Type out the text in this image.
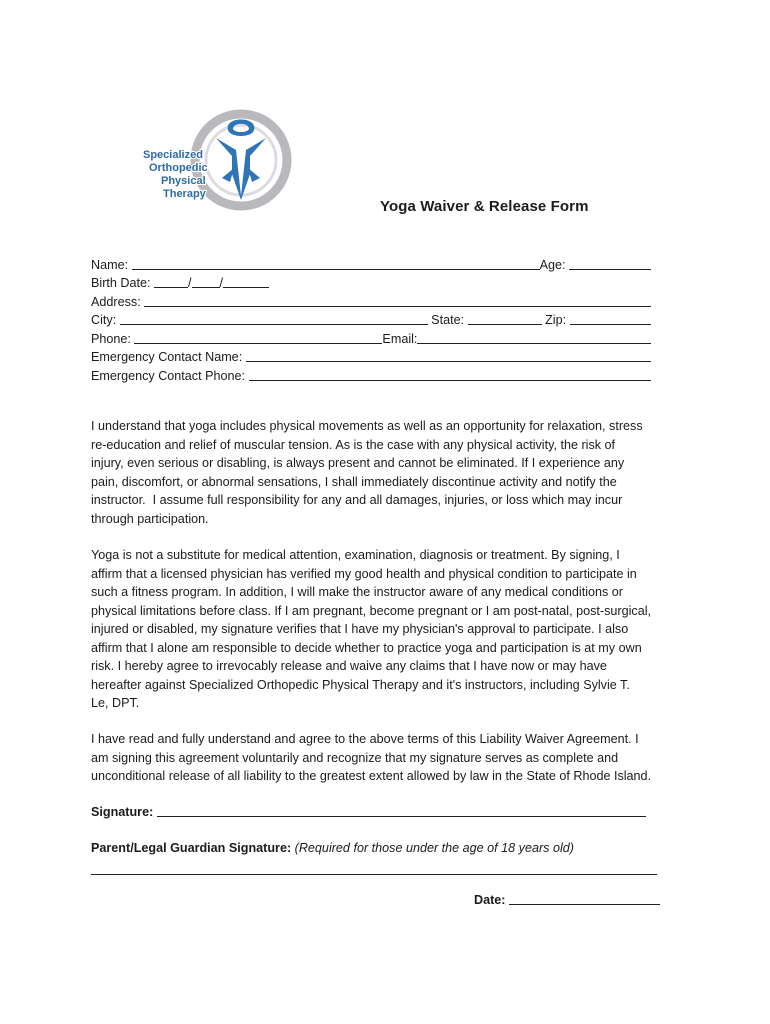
Specialized
Orthopedic
Physical
Therapy
Yoga Waiver & Release Form
Name:	Age:
Birth Date:	/ /
Address:
City:	State:	Zip:
Phone:	Email:
Emergency Contact Name:
Emergency Contact Phone:
I understand that yoga includes physical movements as well as an opportunity for relaxation, stress
re-education and relief of muscular tension. As is the case with any physical activity, the risk of
injury, even serious or disabling, is always present and cannot be eliminated. If I experience any
pain, discomfort, or abnormal sensations, I shall immediately discontinue activity and notify the
instructor.  I assume full responsibility for any and all damages, injuries, or loss which may incur
through participation.
Yoga is not a substitute for medical attention, examination, diagnosis or treatment. By signing, I
affirm that a licensed physician has verified my good health and physical condition to participate in
such a fitness program. In addition, I will make the instructor aware of any medical conditions or
physical limitations before class. If I am pregnant, become pregnant or I am post-natal, post-surgical,
injured or disabled, my signature verifies that I have my physician's approval to participate. I also
affirm that I alone am responsible to decide whether to practice yoga and participation is at my own
risk. I hereby agree to irrevocably release and waive any claims that I have now or may have
hereafter against Specialized Orthopedic Physical Therapy and it's instructors, including Sylvie T.
Le, DPT.
I have read and fully understand and agree to the above terms of this Liability Waiver Agreement. I
am signing this agreement voluntarily and recognize that my signature serves as complete and
unconditional release of all liability to the greatest extent allowed by law in the State of Rhode Island.
Signature:
Parent/Legal Guardian Signature: (Required for those under the age of 18 years old)
Date:
